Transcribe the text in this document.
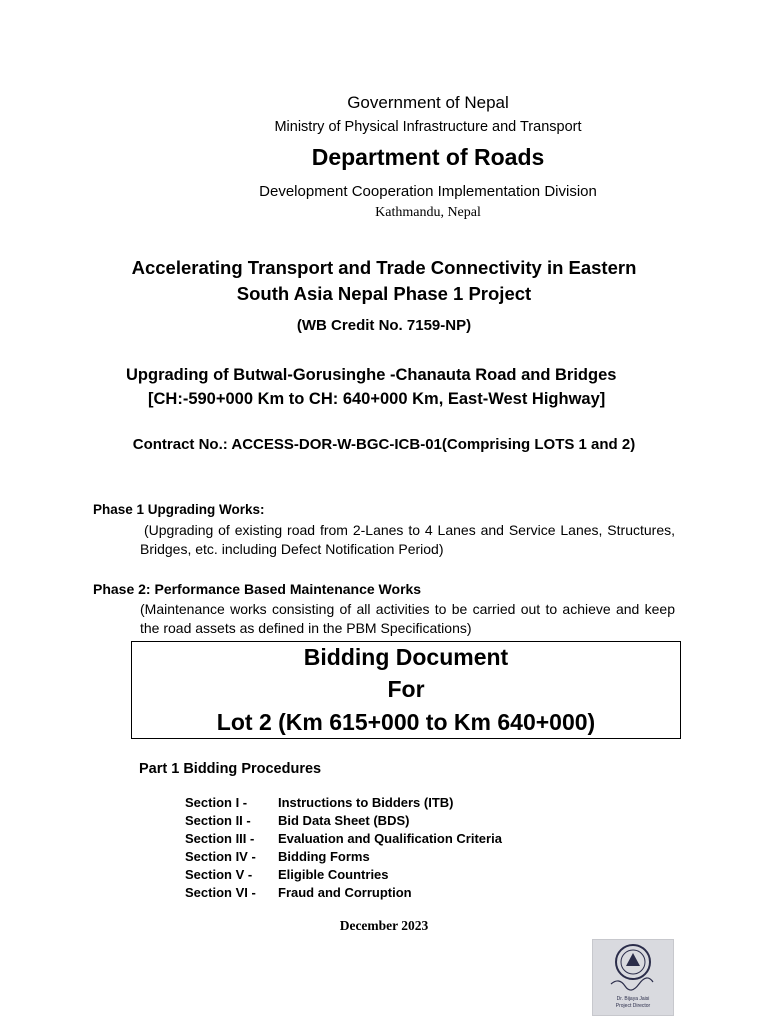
Government of Nepal
Ministry of Physical Infrastructure and Transport
Department of Roads
Development Cooperation Implementation Division
Kathmandu, Nepal
Accelerating Transport and Trade Connectivity in Eastern
South Asia Nepal Phase 1 Project
(WB Credit No. 7159-NP)
Upgrading of Butwal-Gorusinghe -Chanauta Road and Bridges
[CH:-590+000 Km to CH: 640+000 Km, East-West Highway]
Contract No.: ACCESS-DOR-W-BGC-ICB-01(Comprising LOTS 1 and 2)
Phase 1 Upgrading Works:
(Upgrading of existing road from 2-Lanes to 4 Lanes and Service Lanes, Structures, Bridges, etc. including Defect Notification Period)
Phase 2: Performance Based Maintenance Works
(Maintenance works consisting of all activities to be carried out to achieve and keep the road assets as defined in the PBM Specifications)
Bidding Document
For
Lot 2 (Km 615+000 to Km 640+000)
Part 1 Bidding Procedures
Section I - Instructions to Bidders (ITB)
Section II - Bid Data Sheet (BDS)
Section III - Evaluation and Qualification Criteria
Section IV - Bidding Forms
Section V - Eligible Countries
Section VI - Fraud and Corruption
December 2023
Dr. Bijaya Jaisi
Project Director
